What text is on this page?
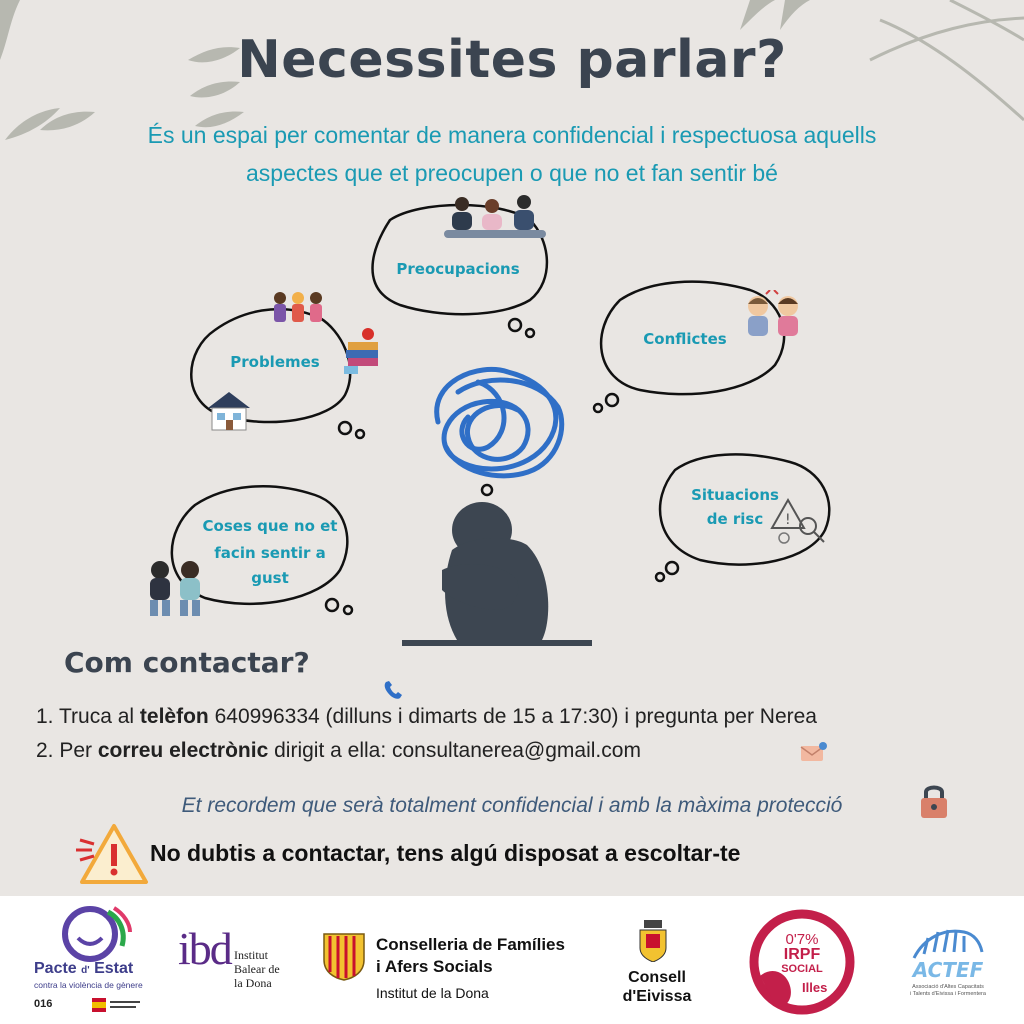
Necessites parlar?
És un espai per comentar de manera confidencial i respectuosa aquells
aspectes que et preocupen o que no et fan sentir bé
Preocupacions
Problemes
Conflictes
Situacions
de risc
Coses que no et
facin sentir a
gust
!
Com contactar?
1. Truca al telèfon 640996334 (dilluns i dimarts de 15 a 17:30) i pregunta per Nerea
2. Per correu electrònic dirigit a ella: consultanerea@gmail.com
Et recordem que serà totalment confidencial i amb la màxima protecció
No dubtis a contactar, tens algú disposat a escoltar-te
Pacte d' Estat
contra la violència de gènere
016
ibd Institut
Balear de
la Dona
Conselleria de Famílies
i Afers Socials
Institut de la Dona
Consell
d'Eivissa
0'7%
IRPF
SOCIAL
Illes
ACTEF
Associació d'Altes Capacitats
i Talents d'Eivissa i Formentera
